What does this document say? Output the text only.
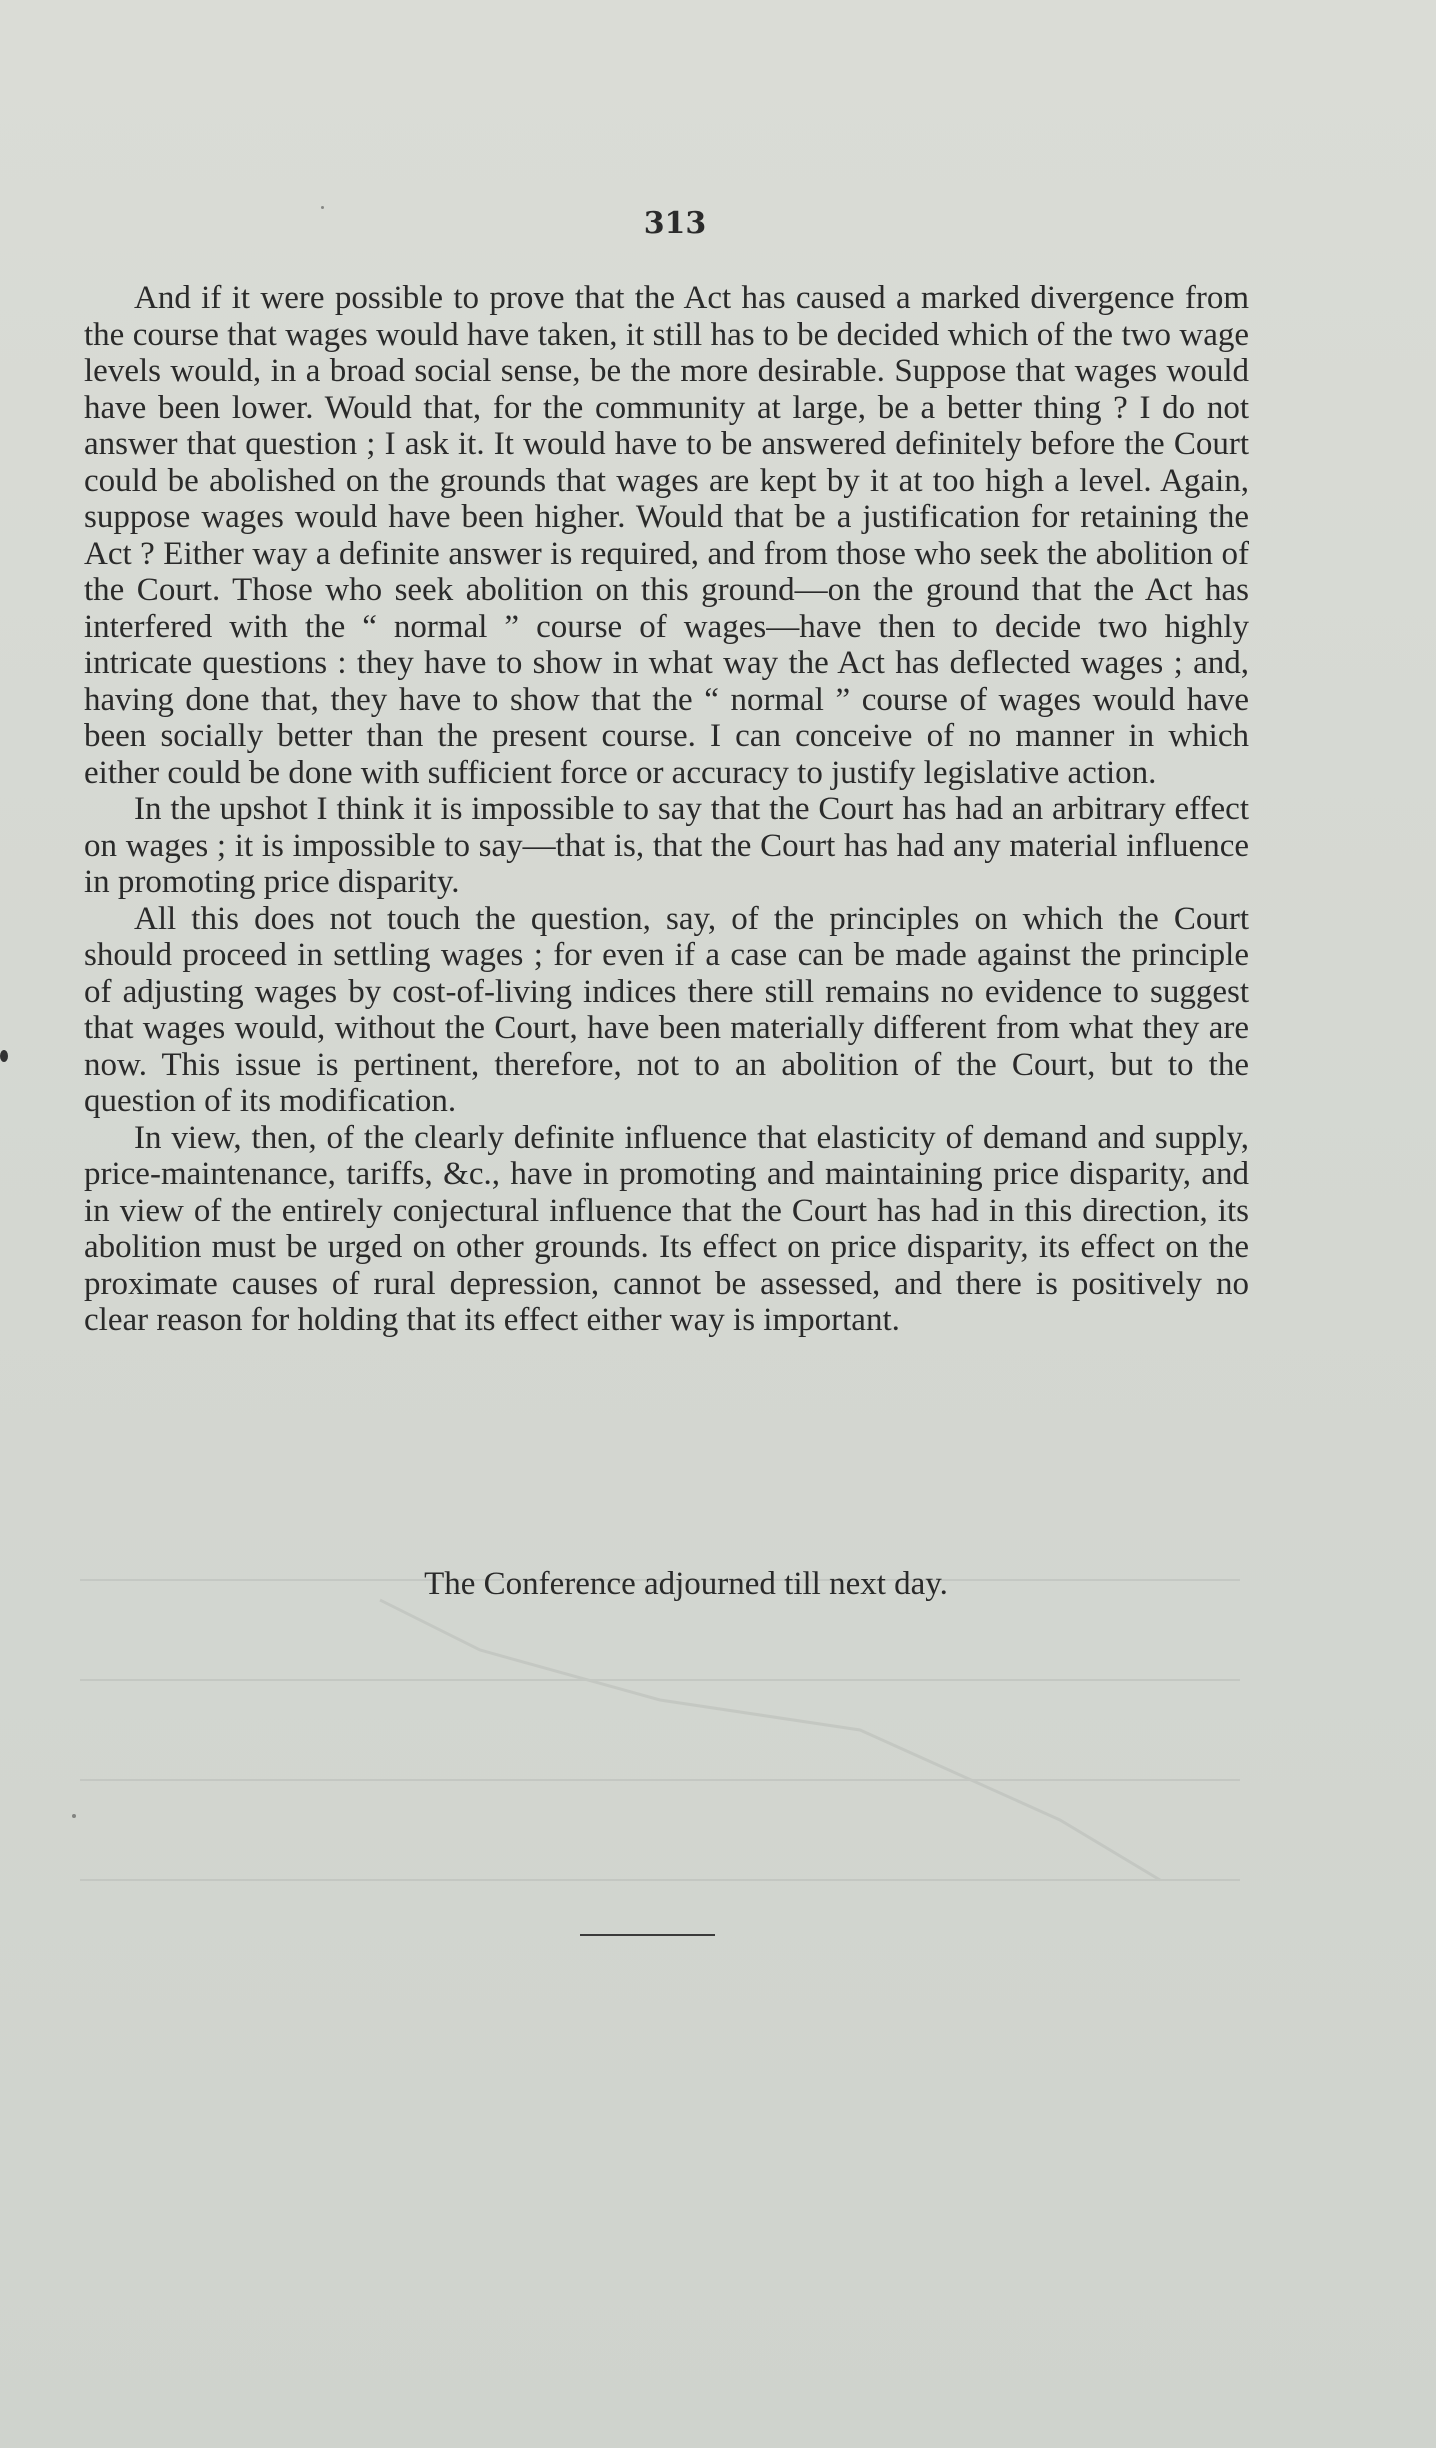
313

And if it were possible to prove that the Act has caused a marked divergence from the course that wages would have taken, it still has to be decided which of the two wage levels would, in a broad social sense, be the more desirable. Suppose that wages would have been lower. Would that, for the community at large, be a better thing ? I do not answer that question ; I ask it. It would have to be answered definitely before the Court could be abolished on the grounds that wages are kept by it at too high a level. Again, suppose wages would have been higher. Would that be a justification for retaining the Act ? Either way a definite answer is required, and from those who seek the abolition of the Court. Those who seek abolition on this ground—on the ground that the Act has interfered with the “ normal ” course of wages—have then to decide two highly intricate questions : they have to show in what way the Act has deflected wages ; and, having done that, they have to show that the “ normal ” course of wages would have been socially better than the present course. I can conceive of no manner in which either could be done with sufficient force or accuracy to justify legislative action.

In the upshot I think it is impossible to say that the Court has had an arbitrary effect on wages ; it is impossible to say—that is, that the Court has had any material influence in promoting price disparity.

All this does not touch the question, say, of the principles on which the Court should proceed in settling wages ; for even if a case can be made against the principle of adjusting wages by cost-of-living indices there still remains no evidence to suggest that wages would, without the Court, have been materially different from what they are now. This issue is pertinent, therefore, not to an abolition of the Court, but to the question of its modification.

In view, then, of the clearly definite influence that elasticity of demand and supply, price-maintenance, tariffs, &c., have in promoting and maintaining price disparity, and in view of the entirely conjectural influence that the Court has had in this direction, its abolition must be urged on other grounds. Its effect on price disparity, its effect on the proximate causes of rural depression, cannot be assessed, and there is positively no clear reason for holding that its effect either way is important.

The Conference adjourned till next day.
